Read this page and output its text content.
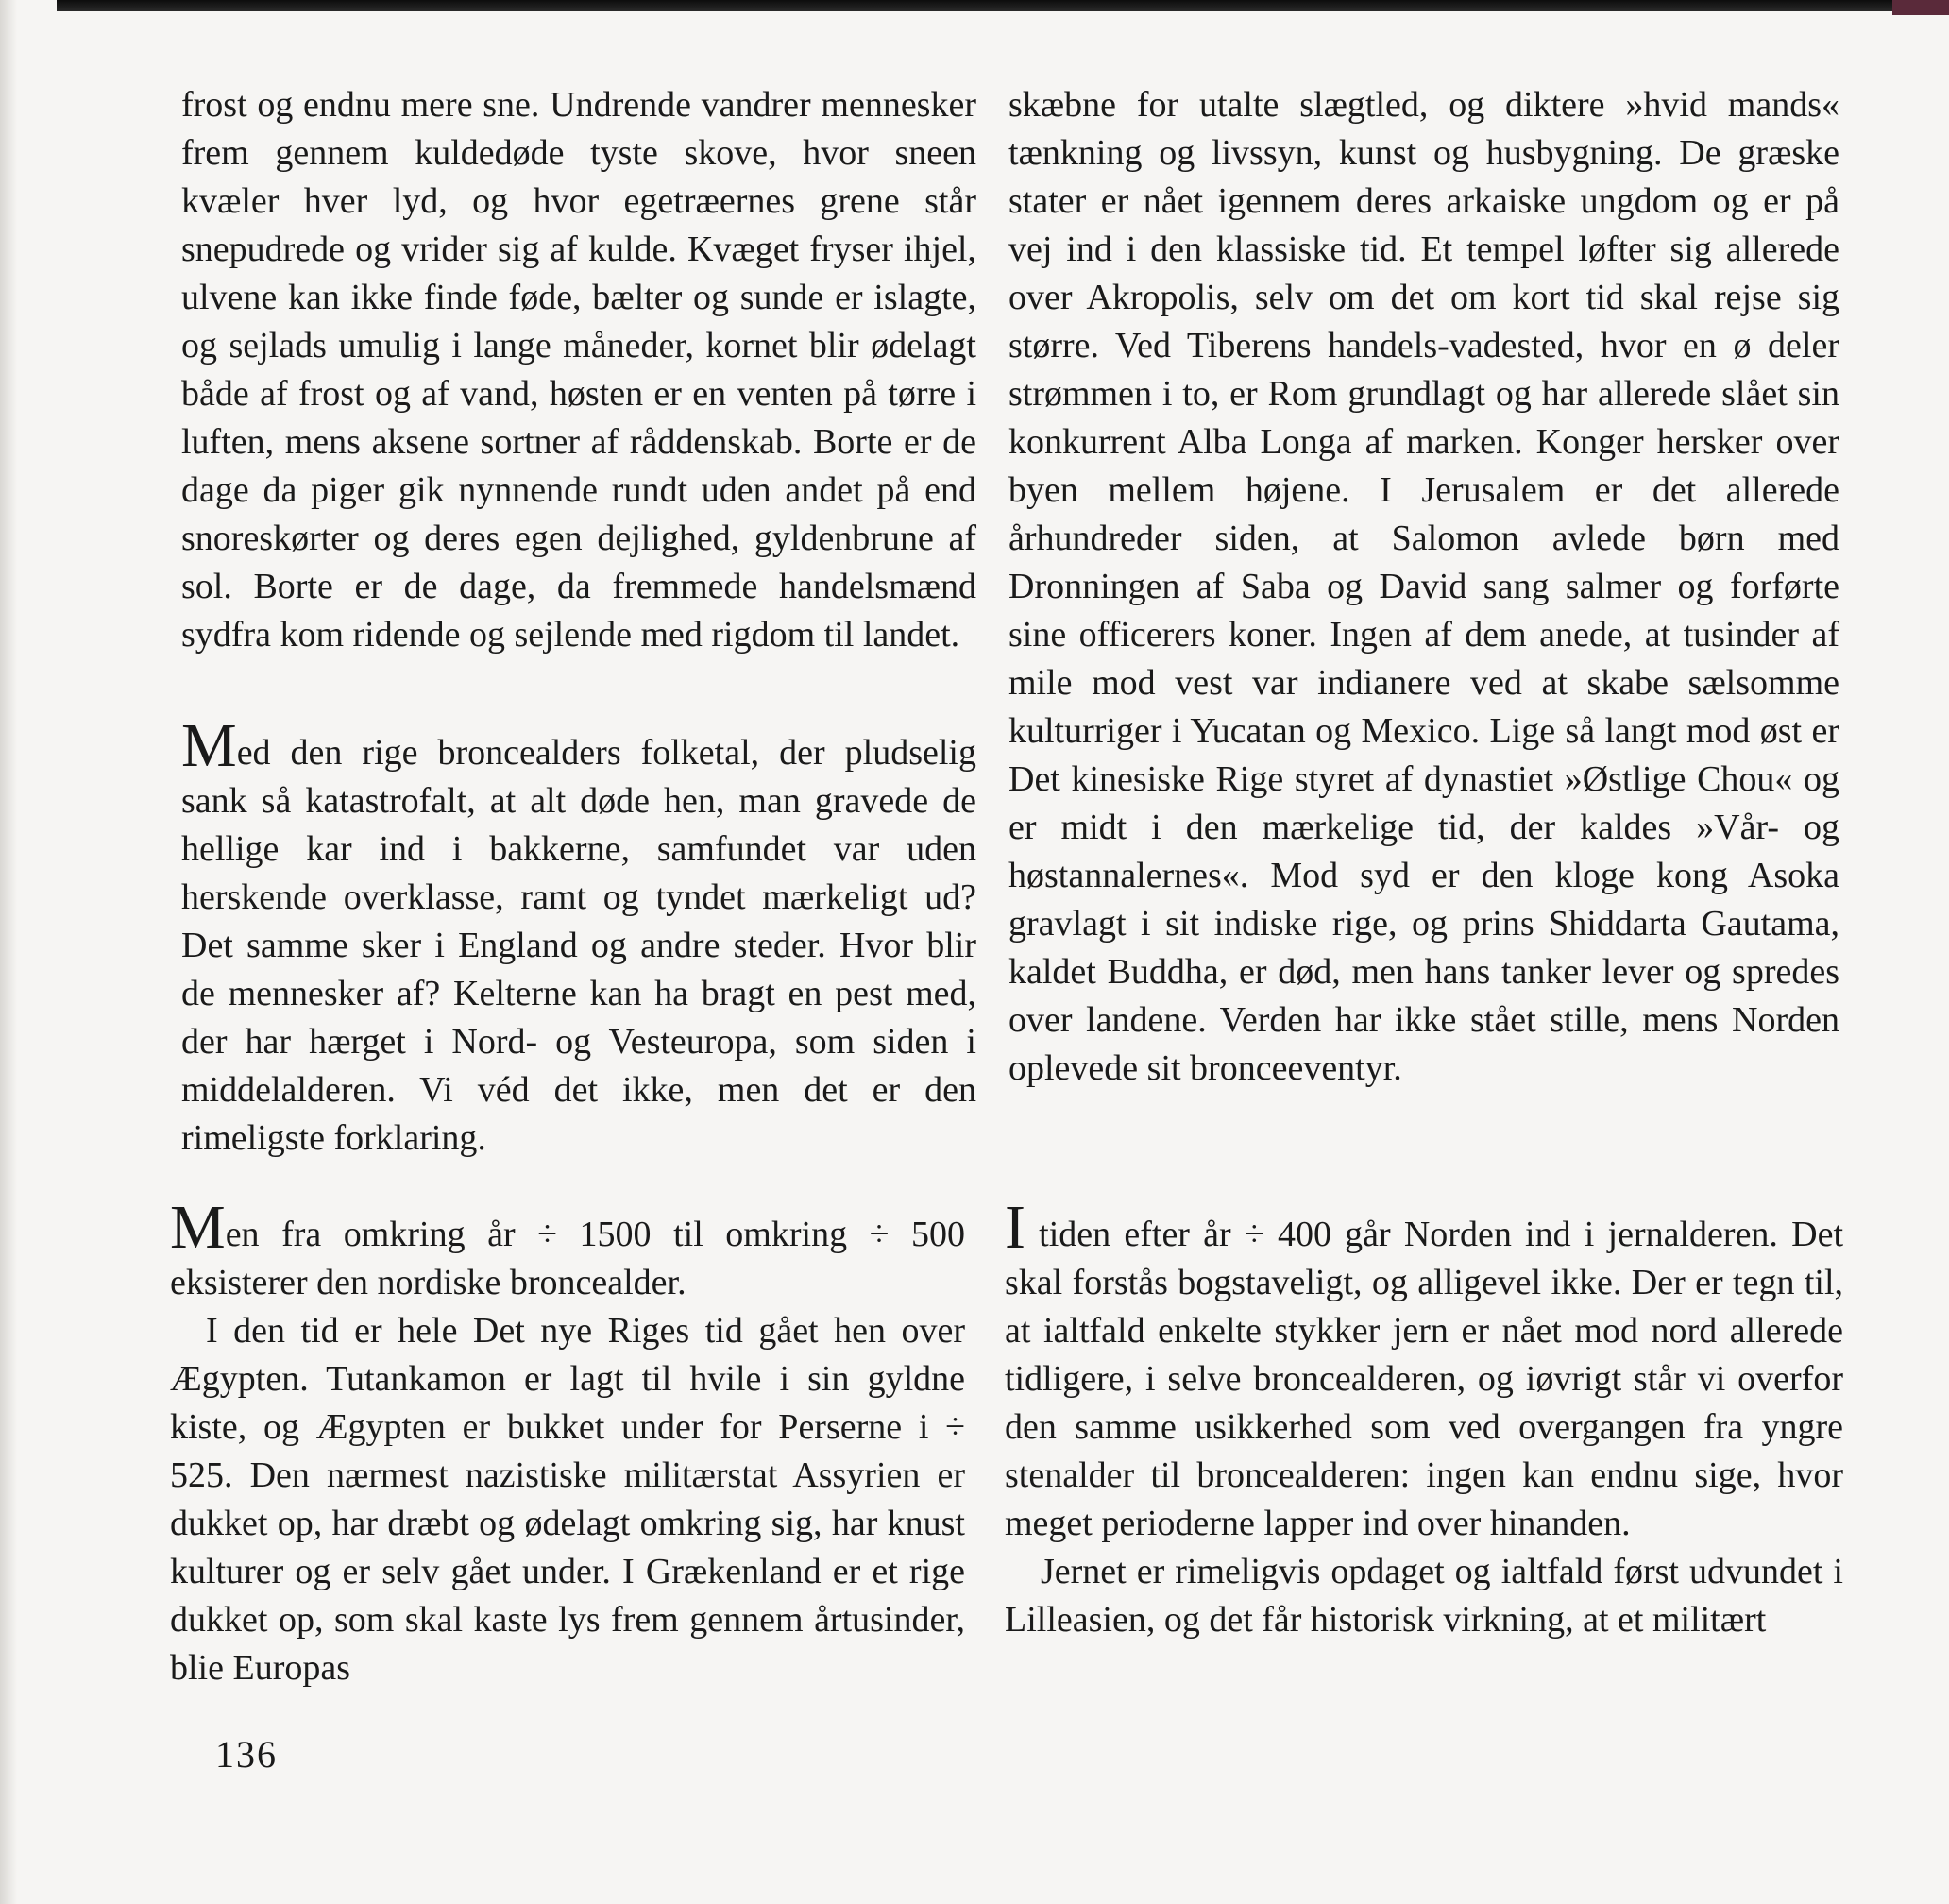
frost og endnu mere sne. Undrende vandrer mennesker frem gennem kuldedøde tyste skove, hvor sneen kvæler hver lyd, og hvor egetræernes grene står snepudrede og vrider sig af kulde. Kvæget fryser ihjel, ulvene kan ikke finde føde, bælter og sunde er islagte, og sejlads umulig i lange måneder, kornet blir ødelagt både af frost og af vand, høsten er en venten på tørre i luften, mens aksene sortner af råddenskab. Borte er de dage da piger gik nynnende rundt uden andet på end snoreskørter og deres egen dejlighed, gyldenbrune af sol. Borte er de dage, da fremmede handelsmænd sydfra kom ridende og sejlende med rigdom til landet.

Med den rige broncealders folketal, der pludselig sank så katastrofalt, at alt døde hen, man gravede de hellige kar ind i bakkerne, samfundet var uden herskende overklasse, ramt og tyndet mærkeligt ud? Det samme sker i England og andre steder. Hvor blir de mennesker af? Kelterne kan ha bragt en pest med, der har hærget i Nord- og Vesteuropa, som siden i middelalderen. Vi véd det ikke, men det er den rimeligste forklaring.

Men fra omkring år ÷ 1500 til omkring ÷ 500 eksisterer den nordiske broncealder.

I den tid er hele Det nye Riges tid gået hen over Ægypten. Tutankamon er lagt til hvile i sin gyldne kiste, og Ægypten er bukket under for Perserne i ÷ 525. Den nærmest nazistiske militærstat Assyrien er dukket op, har dræbt og ødelagt omkring sig, har knust kulturer og er selv gået under. I Grækenland er et rige dukket op, som skal kaste lys frem gennem årtusinder, blie Europas

skæbne for utalte slægtled, og diktere »hvid mands« tænkning og livssyn, kunst og husbygning. De græske stater er nået igennem deres arkaiske ungdom og er på vej ind i den klassiske tid. Et tempel løfter sig allerede over Akropolis, selv om det om kort tid skal rejse sig større. Ved Tiberens handels-vadested, hvor en ø deler strømmen i to, er Rom grundlagt og har allerede slået sin konkurrent Alba Longa af marken. Konger hersker over byen mellem højene. I Jerusalem er det allerede århundreder siden, at Salomon avlede børn med Dronningen af Saba og David sang salmer og forførte sine officerers koner. Ingen af dem anede, at tusinder af mile mod vest var indianere ved at skabe sælsomme kulturriger i Yucatan og Mexico. Lige så langt mod øst er Det kinesiske Rige styret af dynastiet »Østlige Chou« og er midt i den mærkelige tid, der kaldes »Vår- og høstannalernes«. Mod syd er den kloge kong Asoka gravlagt i sit indiske rige, og prins Shiddarta Gautama, kaldet Buddha, er død, men hans tanker lever og spredes over landene. Verden har ikke stået stille, mens Norden oplevede sit bronceeventyr.

I tiden efter år ÷ 400 går Norden ind i jernalderen. Det skal forstås bogstaveligt, og alligevel ikke. Der er tegn til, at ialtfald enkelte stykker jern er nået mod nord allerede tidligere, i selve broncealderen, og iøvrigt står vi overfor den samme usikkerhed som ved overgangen fra yngre stenalder til broncealderen: ingen kan endnu sige, hvor meget perioderne lapper ind over hinanden.

Jernet er rimeligvis opdaget og ialtfald først udvundet i Lilleasien, og det får historisk virkning, at et militært

136
